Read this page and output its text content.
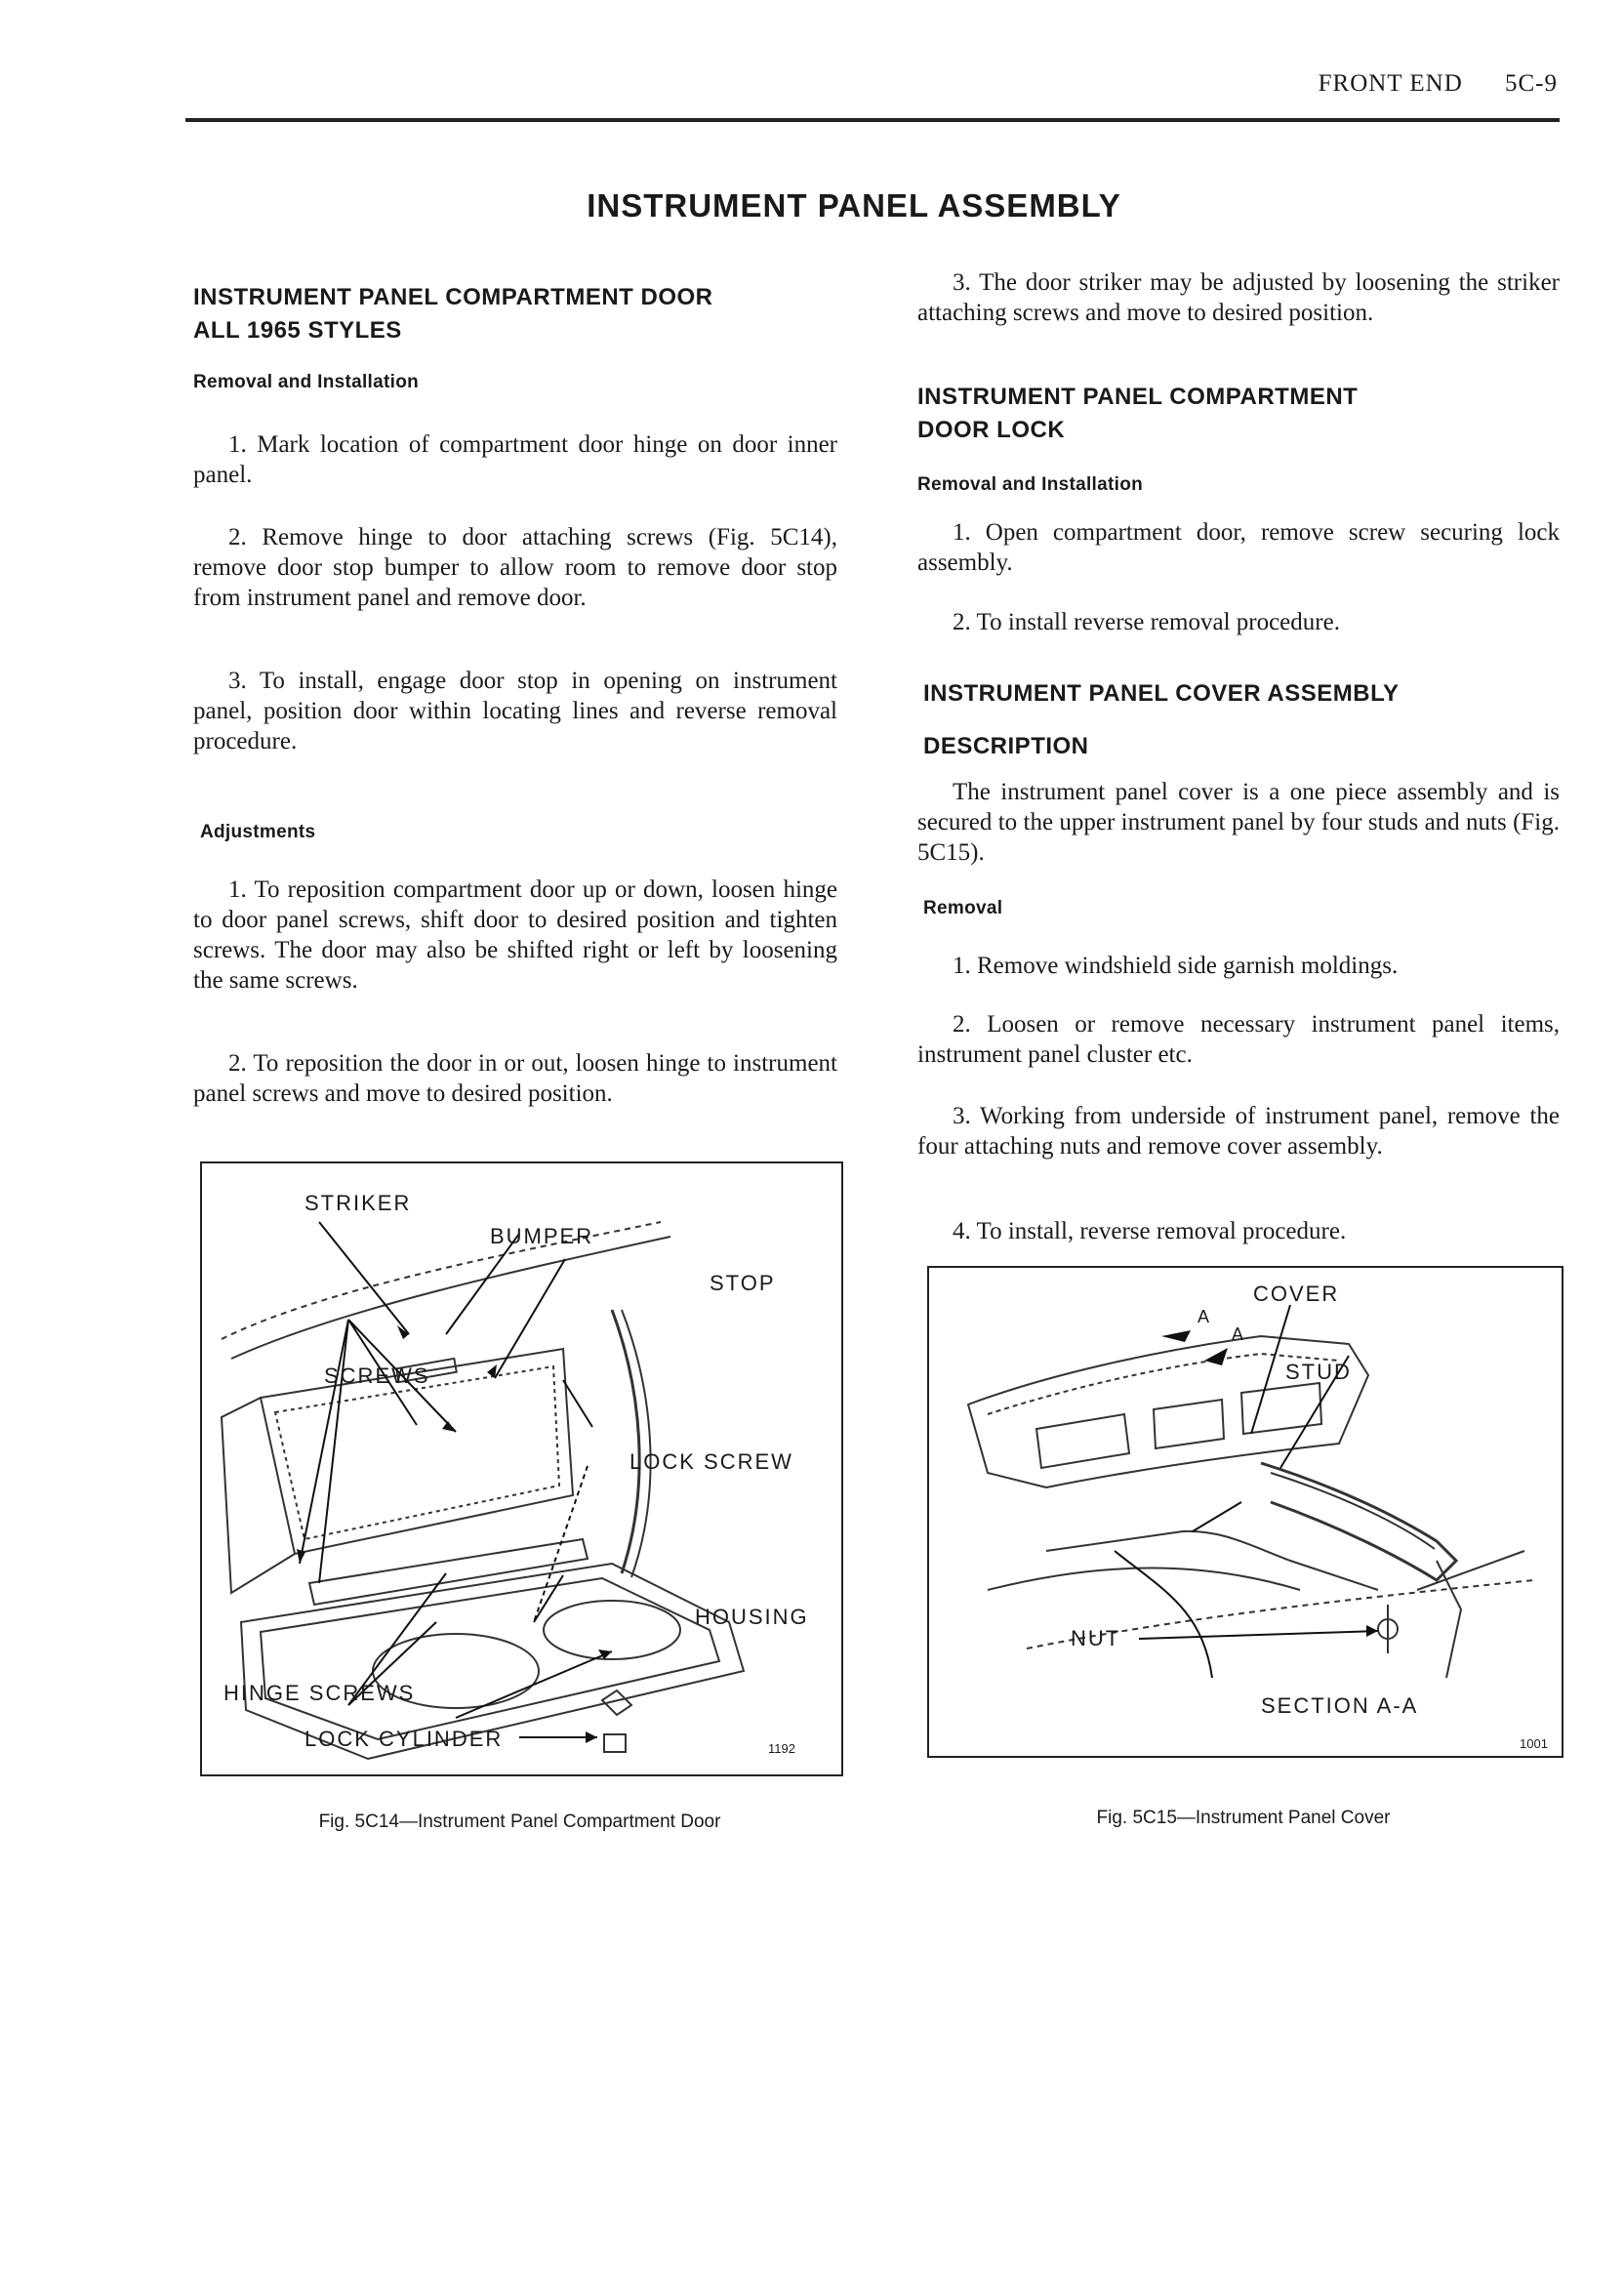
FRONT END 5C-9
INSTRUMENT PANEL ASSEMBLY
INSTRUMENT PANEL COMPARTMENT DOOR
ALL 1965 STYLES
Removal and Installation
1. Mark location of compartment door hinge on door inner panel.
2. Remove hinge to door attaching screws (Fig. 5C14), remove door stop bumper to allow room to remove door stop from instrument panel and remove door.
3. To install, engage door stop in opening on instrument panel, position door within locating lines and reverse removal procedure.
Adjustments
1. To reposition compartment door up or down, loosen hinge to door panel screws, shift door to desired position and tighten screws. The door may also be shifted right or left by loosening the same screws.
2. To reposition the door in or out, loosen hinge to instrument panel screws and move to desired position.
STRIKER
BUMPER
STOP
SCREWS
LOCK SCREW
HOUSING
HINGE SCREWS
LOCK CYLINDER	1192
Fig. 5C14—Instrument Panel Compartment Door
3. The door striker may be adjusted by loosening the striker attaching screws and move to desired position.
INSTRUMENT PANEL COMPARTMENT
DOOR LOCK
Removal and Installation
1. Open compartment door, remove screw securing lock assembly.
2. To install reverse removal procedure.
INSTRUMENT PANEL COVER ASSEMBLY
DESCRIPTION
The instrument panel cover is a one piece assembly and is secured to the upper instrument panel by four studs and nuts (Fig. 5C15).
Removal
1. Remove windshield side garnish moldings.
2. Loosen or remove necessary instrument panel items, instrument panel cluster etc.
3. Working from underside of instrument panel, remove the four attaching nuts and remove cover assembly.
4. To install, reverse removal procedure.
COVER
STUD
A
A
NUT
SECTION A-A
1001
Fig. 5C15—Instrument Panel Cover
